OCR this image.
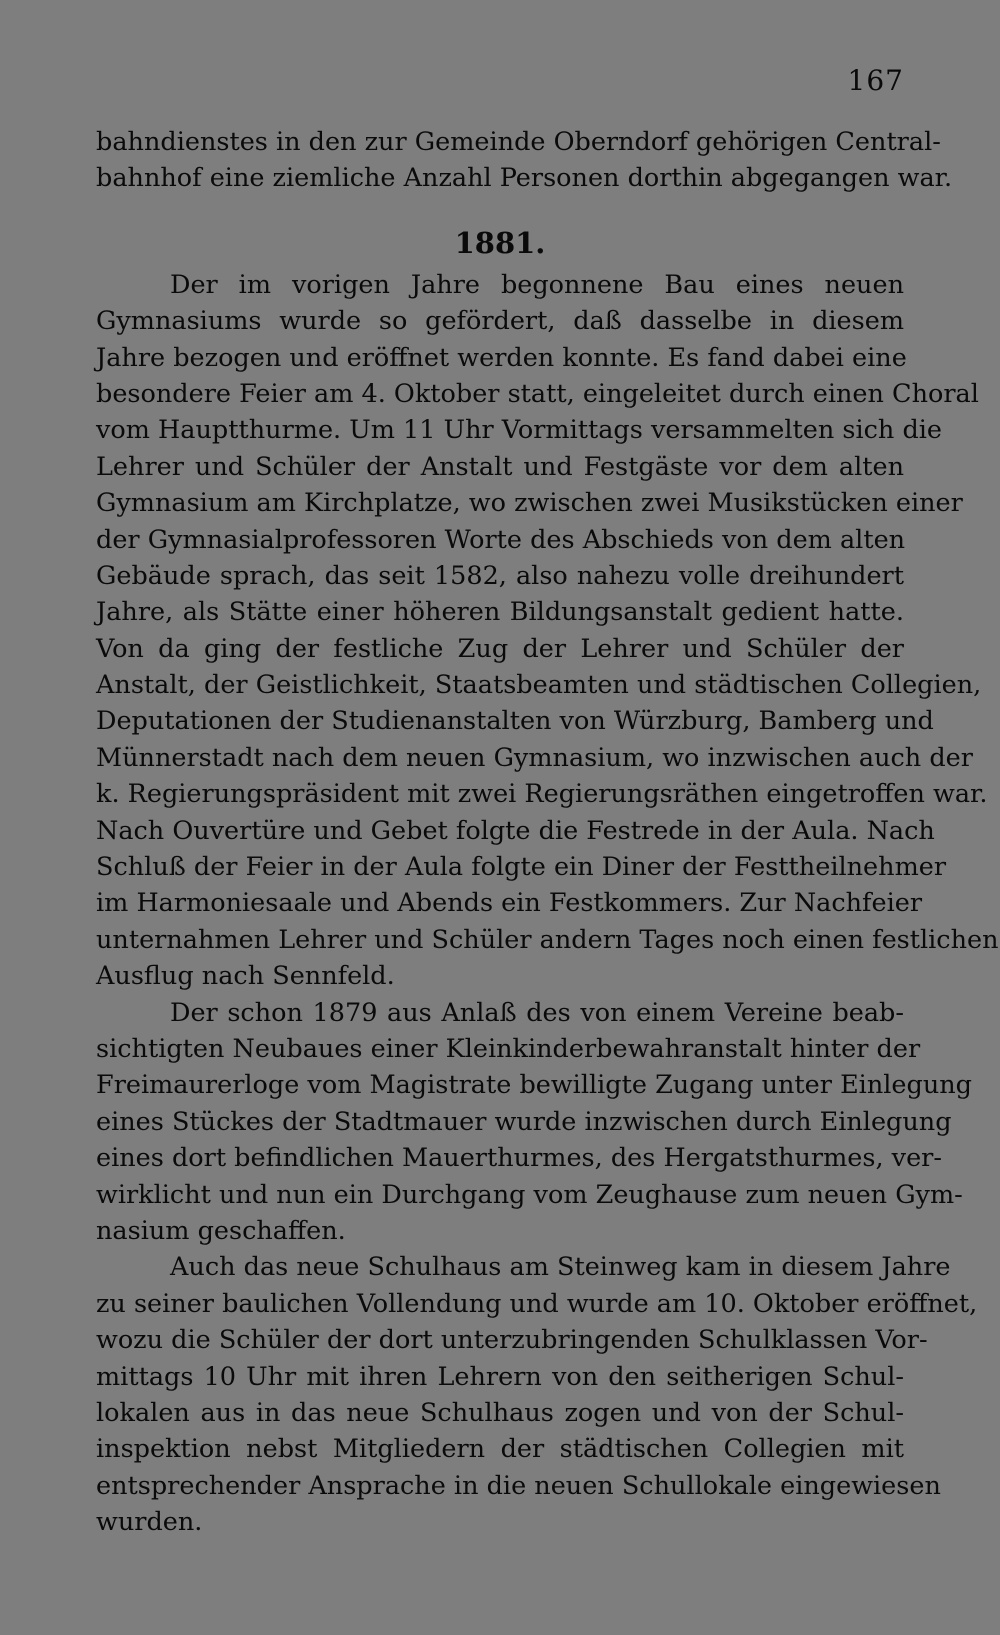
167
bahndienstes in den zur Gemeinde Oberndorf gehörigen Central-
bahnhof eine ziemliche Anzahl Personen dorthin abgegangen war.
1881.
Der im vorigen Jahre begonnene Bau eines neuen
Gymnasiums wurde so gefördert, daß dasselbe in diesem
Jahre bezogen und eröffnet werden konnte. Es fand dabei eine
besondere Feier am 4. Oktober statt, eingeleitet durch einen Choral
vom Hauptthurme. Um 11 Uhr Vormittags versammelten sich die
Lehrer und Schüler der Anstalt und Festgäste vor dem alten
Gymnasium am Kirchplatze, wo zwischen zwei Musikstücken einer
der Gymnasialprofessoren Worte des Abschieds von dem alten
Gebäude sprach, das seit 1582, also nahezu volle dreihundert
Jahre, als Stätte einer höheren Bildungsanstalt gedient hatte.
Von da ging der festliche Zug der Lehrer und Schüler der
Anstalt, der Geistlichkeit, Staatsbeamten und städtischen Collegien,
Deputationen der Studienanstalten von Würzburg, Bamberg und
Münnerstadt nach dem neuen Gymnasium, wo inzwischen auch der
k. Regierungspräsident mit zwei Regierungsräthen eingetroffen war.
Nach Ouvertüre und Gebet folgte die Festrede in der Aula. Nach
Schluß der Feier in der Aula folgte ein Diner der Festtheilnehmer
im Harmoniesaale und Abends ein Festkommers. Zur Nachfeier
unternahmen Lehrer und Schüler andern Tages noch einen festlichen
Ausflug nach Sennfeld.
Der schon 1879 aus Anlaß des von einem Vereine beab-
sichtigten Neubaues einer Kleinkinderbewahranstalt hinter der
Freimaurerloge vom Magistrate bewilligte Zugang unter Einlegung
eines Stückes der Stadtmauer wurde inzwischen durch Einlegung
eines dort befindlichen Mauerthurmes, des Hergatsthurmes, ver-
wirklicht und nun ein Durchgang vom Zeughause zum neuen Gym-
nasium geschaffen.
Auch das neue Schulhaus am Steinweg kam in diesem Jahre
zu seiner baulichen Vollendung und wurde am 10. Oktober eröffnet,
wozu die Schüler der dort unterzubringenden Schulklassen Vor-
mittags 10 Uhr mit ihren Lehrern von den seitherigen Schul-
lokalen aus in das neue Schulhaus zogen und von der Schul-
inspektion nebst Mitgliedern der städtischen Collegien mit
entsprechender Ansprache in die neuen Schullokale eingewiesen
wurden.
